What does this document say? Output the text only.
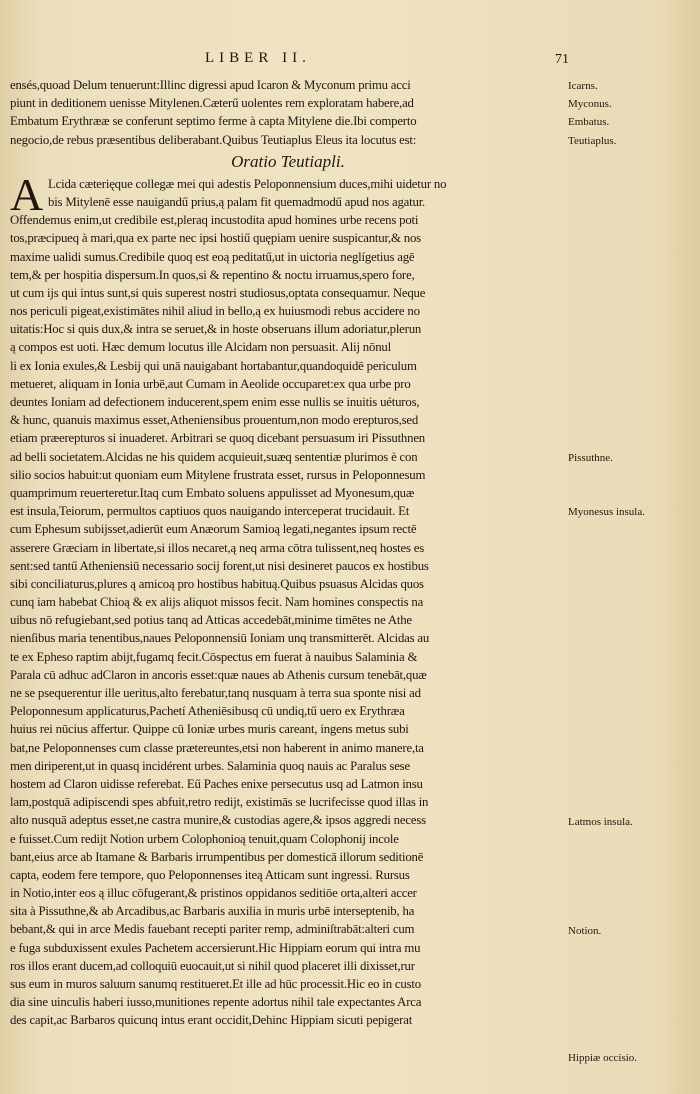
LIBER II.	71
ensés,quoad Delum tenuerunt:Illinc digressi apud Icaron & Myconum primu acci
piunt in deditionem uenisse Mitylenen.Cæterű uolentes rem exploratam habere,ad
Embatum Erythrææ se conferunt septimo ferme à capta Mitylene die.Ibi comperto
negocio,de rebus præsentibus deliberabant.Quibus Teutiaplus Eleus ita locutus est:
Oratio Teutiapli.
Lcida cæterięque collegæ mei qui adestis Peloponnensium duces,mihi uidetur no
bis Mitylenē esse nauigandű prius,ą palam fit quemadmodű apud nos agatur.
Offendemus enim,ut credibile est,pleraq incustodita apud homines urbe recens poti
tos,præcipueq à mari,qua ex parte nec ipsi hostiű quępiam uenire suspicantur,& nos
maxime ualidi sumus.Credibile quoq est eoą peditatű,ut in uictoria neglígetius agē
tem,& per hospitia dispersum.In quos,si & repentino & noctu irruamus,spero fore,
ut cum ijs qui intus sunt,si quis superest nostri studiosus,optata consequamur. Neque
nos periculi pigeat,existimātes nihil aliud in bello,ą ex huiusmodi rebus accidere no
uitatis:Hoc si quis dux,& intra se seruet,& in hoste obseruans illum adoriatur,plerun
ą compos est uoti. Hæc demum locutus ille Alcidam non persuasit. Alij nōnul
li ex Ionia exules,& Lesbij qui unā nauigabant hortabantur,quandoquidē periculum
metueret, aliquam in Ionia urbē,aut Cumam in Aeolide occuparet:ex qua urbe pro
deuntes Ioniam ad defectionem inducerent,spem enim esse nullis se inuitis uéturos,
& hunc, quanuis maximus esset,Atheniensibus prouentum,non modo erepturos,sed
etiam præerepturos si inuaderet. Arbitrari se quoq dicebant persuasum iri Pissuthnen
ad belli societatem.Alcidas ne his quidem acquieuit,suæq sententiæ plurimos è con
silio socios habuit:ut quoniam eum Mitylene frustrata esset, rursus in Peloponnesum
quamprimum reuerteretur.Itaq cum Embato soluens appulisset ad Myonesum,quæ
est insula,Teiorum, permultos captiuos quos nauigando interceperat trucidauit. Et
cum Ephesum subijsset,adierūt eum Anæorum Samioą legati,negantes ipsum rectē
asserere Græciam in libertate,si illos necaret,ą neq arma cōtra tulissent,neq hostes es
sent:sed tantű Atheniensiū necessario socij forent,ut nisi desineret paucos ex hostibus
sibi conciliaturus,plures ą amicoą pro hostibus habituą.Quibus psuasus Alcidas quos
cunq iam habebat Chioą & ex alijs aliquot missos fecit. Nam homines conspectis na
uibus nō refugiebant,sed potius tanq ad Atticas accedebāt,minime timētes ne Athe
nienſibus maria tenentibus,naues Peloponnensiū Ioniam unq transmitterēt. Alcidas au
te ex Epheso raptim abijt,fugamq fecit.Cōspectus em fuerat à nauibus Salaminia &
Parala cū adhuc adClaron in ancoris esset:quæ naues ab Athenis cursum tenebāt,quæ
ne se psequerentur ille ueritus,alto ferebatur,tanq nusquam à terra sua sponte nisi ad
Peloponnesum applicaturus,Pachetí Atheniēsibusq cū undiq,tű uero ex Erythræa
huius rei nūcius affertur. Quippe cū Ioniæ urbes muris careant, ingens metus subi
bat,ne Peloponnenses cum classe prætereuntes,etsi non haberent in animo manere,ta
men diriperent,ut in quasq incidérent urbes. Salaminia quoq nauis ac Paralus sese
hostem ad Claron uidisse referebat. Eű Paches enixe persecutus usq ad Latmon insu
lam,postquā adipiscendi spes abfuit,retro redijt, existimās se lucrifecisse quod illas in
alto nusquā adeptus esset,ne castra munire,& custodias agere,& ipsos aggredi necess
e fuisset.Cum redijt Notion urbem Colophonioą tenuit,quam Colophonij incole
bant,eius arce ab Itamane & Barbaris irrumpentibus per domesticā illorum seditionē
capta, eodem fere tempore, quo Peloponnenses iteą Atticam sunt ingressi. Rursus
in Notio,inter eos ą illuc cōfugerant,& pristinos oppidanos seditiōe orta,alteri accer
sita à Pissuthne,& ab Arcadibus,ac Barbaris auxilia in muris urbē interseptenib, ha
bebant,& qui in arce Medis fauebant recepti pariter remp, adminiſtrabāt:alteri cum
e fuga subduxissent exules Pachetem accersierunt.Hic Hippiam eorum qui intra mu
ros illos erant ducem,ad colloquiū euocauit,ut si nihil quod placeret illi dixisset,rur
sus eum in muros saluum sanumq restitueret.Et ille ad hūc processit.Hic eo in custo
dia sine uinculis haberi iusso,munitiones repente adortus nihil tale expectantes Arca
des capit,ac Barbaros quicunq intus erant occidit,Dehinc Hippiam sicuti pepigerat
A
Icarns.
Myconus.
Embatus.
Teutiaplus.
Pissuthne.
Myonesus insula.
Latmos insula.
Notion.
Hippiæ occisio.
